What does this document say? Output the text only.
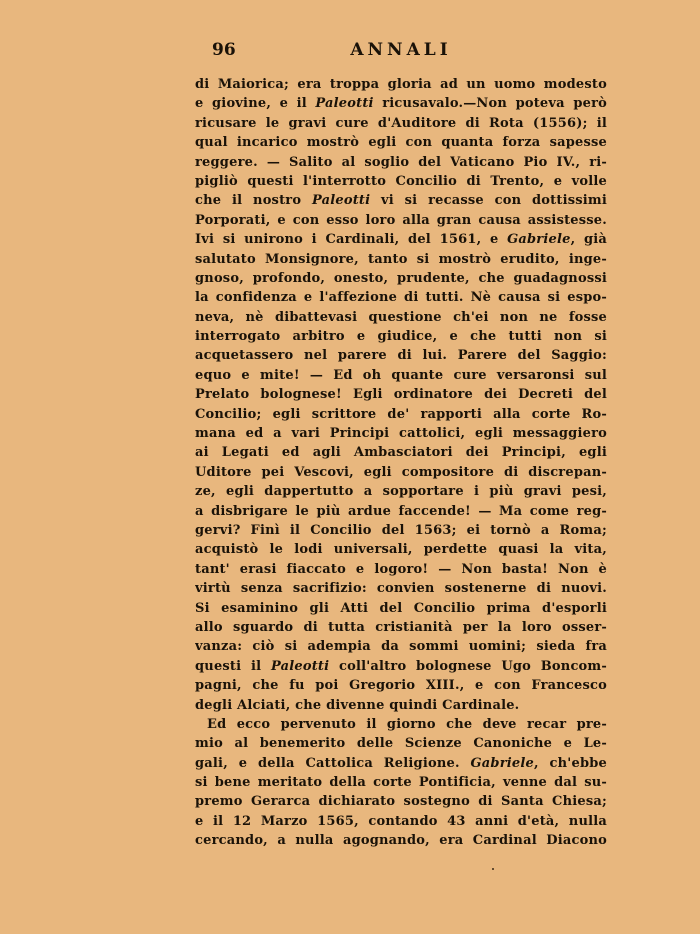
96	ANNALI
di Maiorica; era troppa gloria ad un uomo modesto
e giovine, e il Paleotti ricusavalo.—Non poteva però
ricusare le gravi cure d'Auditore di Rota (1556); il
qual incarico mostrò egli con quanta forza sapesse
reggere. — Salito al soglio del Vaticano Pio IV., ri-
pigliò questi l'interrotto Concilio di Trento, e volle
che il nostro Paleotti vi si recasse con dottissimi
Porporati, e con esso loro alla gran causa assistesse.
Ivi si unirono i Cardinali, del 1561, e Gabriele, già
salutato Monsignore, tanto si mostrò erudito, inge-
gnoso, profondo, onesto, prudente, che guadagnossi
la confidenza e l'affezione di tutti. Nè causa si espo-
neva, nè dibattevasi questione ch'ei non ne fosse
interrogato arbitro e giudice, e che tutti non si
acquetassero nel parere di lui. Parere del Saggio:
equo e mite! — Ed oh quante cure versaronsi sul
Prelato bolognese! Egli ordinatore dei Decreti del
Concilio; egli scrittore de' rapporti alla corte Ro-
mana ed a vari Principi cattolici, egli messaggiero
ai Legati ed agli Ambasciatori dei Principi, egli
Uditore pei Vescovi, egli compositore di discrepan-
ze, egli dappertutto a sopportare i più gravi pesi,
a disbrigare le più ardue faccende! — Ma come reg-
gervi? Finì il Concilio del 1563; ei tornò a Roma;
acquistò le lodi universali, perdette quasi la vita,
tant' erasi fiaccato e logoro! — Non basta! Non è
virtù senza sacrifizio: convien sostenerne di nuovi.
Si esaminino gli Atti del Concilio prima d'esporli
allo sguardo di tutta cristianità per la loro osser-
vanza: ciò si adempia da sommi uomini; sieda fra
questi il Paleotti coll'altro bolognese Ugo Boncom-
pagni, che fu poi Gregorio XIII., e con Francesco
degli Alciati, che divenne quindi Cardinale.
Ed ecco pervenuto il giorno che deve recar pre-
mio al benemerito delle Scienze Canoniche e Le-
gali, e della Cattolica Religione. Gabriele, ch'ebbe
si bene meritato della corte Pontificia, venne dal su-
premo Gerarca dichiarato sostegno di Santa Chiesa;
e il 12 Marzo 1565, contando 43 anni d'età, nulla
cercando, a nulla agognando, era Cardinal Diacono
